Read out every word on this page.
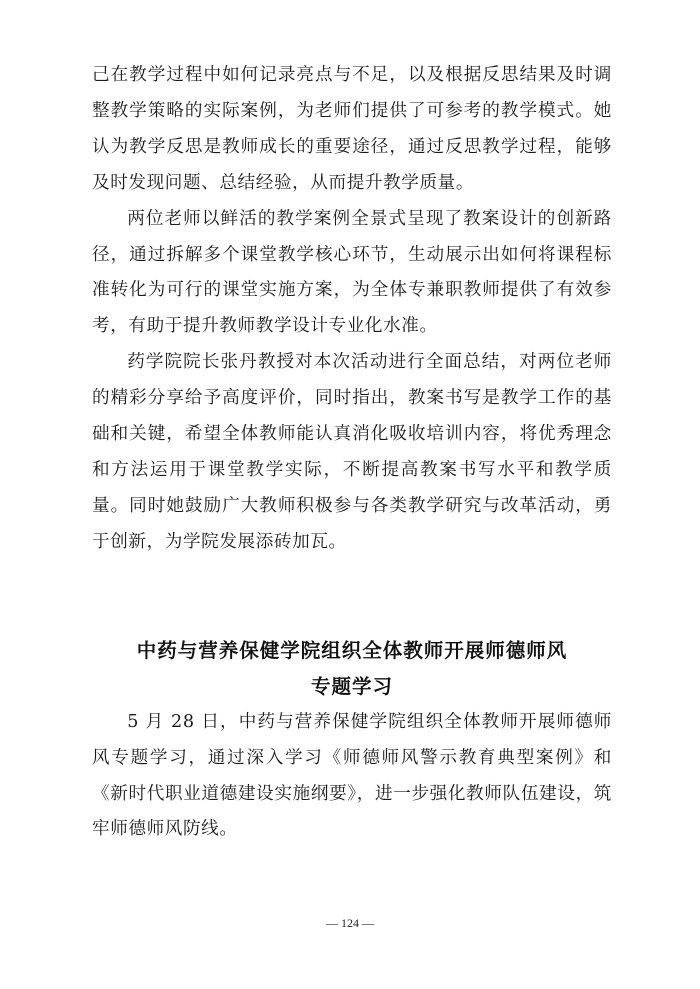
己在教学过程中如何记录亮点与不足，以及根据反思结果及时调整教学策略的实际案例，为老师们提供了可参考的教学模式。她认为教学反思是教师成长的重要途径，通过反思教学过程，能够及时发现问题、总结经验，从而提升教学质量。

两位老师以鲜活的教学案例全景式呈现了教案设计的创新路径，通过拆解多个课堂教学核心环节，生动展示出如何将课程标准转化为可行的课堂实施方案，为全体专兼职教师提供了有效参考，有助于提升教师教学设计专业化水准。

药学院院长张丹教授对本次活动进行全面总结，对两位老师的精彩分享给予高度评价，同时指出，教案书写是教学工作的基础和关键，希望全体教师能认真消化吸收培训内容，将优秀理念和方法运用于课堂教学实际，不断提高教案书写水平和教学质量。同时她鼓励广大教师积极参与各类教学研究与改革活动，勇于创新，为学院发展添砖加瓦。

中药与营养保健学院组织全体教师开展师德师风

专题学习

5 月 28 日，中药与营养保健学院组织全体教师开展师德师风专题学习，通过深入学习《师德师风警示教育典型案例》和《新时代职业道德建设实施纲要》，进一步强化教师队伍建设，筑牢师德师风防线。

— 124 —
